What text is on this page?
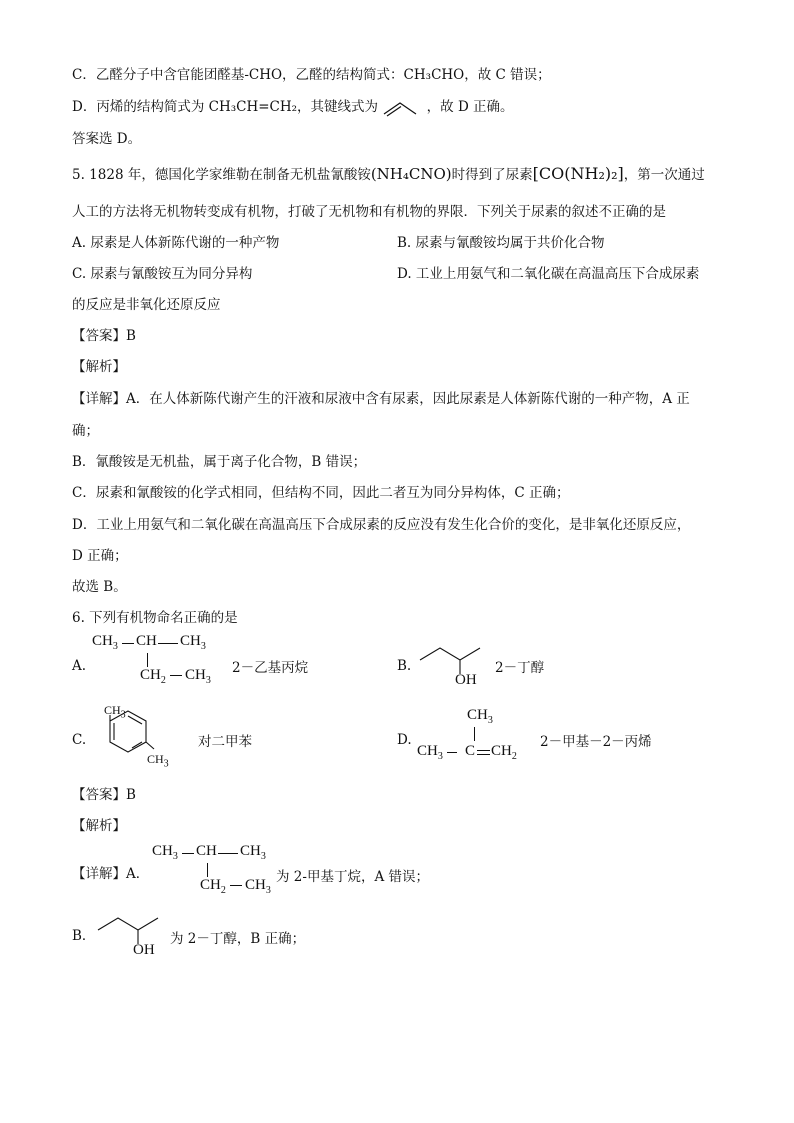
C．乙醛分子中含官能团醛基-CHO，乙醛的结构简式：CH₃CHO，故 C 错误；
D．丙烯的结构简式为 CH₃CH=CH₂，其键线式为	，故 D 正确。
答案选 D。
5. 1828 年，德国化学家维勒在制备无机盐氰酸铵(NH₄CNO)时得到了尿素[CO(NH₂)₂]，第一次通过
人工的方法将无机物转变成有机物，打破了无机物和有机物的界限．下列关于尿素的叙述不正确的是
A. 尿素是人体新陈代谢的一种产物	B. 尿素与氰酸铵均属于共价化合物
C. 尿素与氰酸铵互为同分异构	D. 工业上用氨气和二氧化碳在高温高压下合成尿素
的反应是非氧化还原反应
【答案】B
【解析】
【详解】A．在人体新陈代谢产生的汗液和尿液中含有尿素，因此尿素是人体新陈代谢的一种产物，A 正
确；
B．氰酸铵是无机盐，属于离子化合物，B 错误；
C．尿素和氰酸铵的化学式相同，但结构不同，因此二者互为同分异构体，C 正确；
D．工业上用氨气和二氧化碳在高温高压下合成尿素的反应没有发生化合价的变化，是非氧化还原反应，
D 正确；
故选 B。
6. 下列有机物命名正确的是
A.
$CH_3$ CH $CH_3$
$CH_2$ $CH_3$
2－乙基丙烷	B.
OH
2－丁醇
C.
$CH_3$
$CH_3$
对二甲苯	D.
$CH_3$
$CH_3$ C $CH_2$
2－甲基－2－丙烯
【答案】B
【解析】
【详解】A．
$CH_3$ CH $CH_3$
$CH_2$ $CH_3$
为 2-甲基丁烷，A 错误；
B．
OH
为 2－丁醇，B 正确；
